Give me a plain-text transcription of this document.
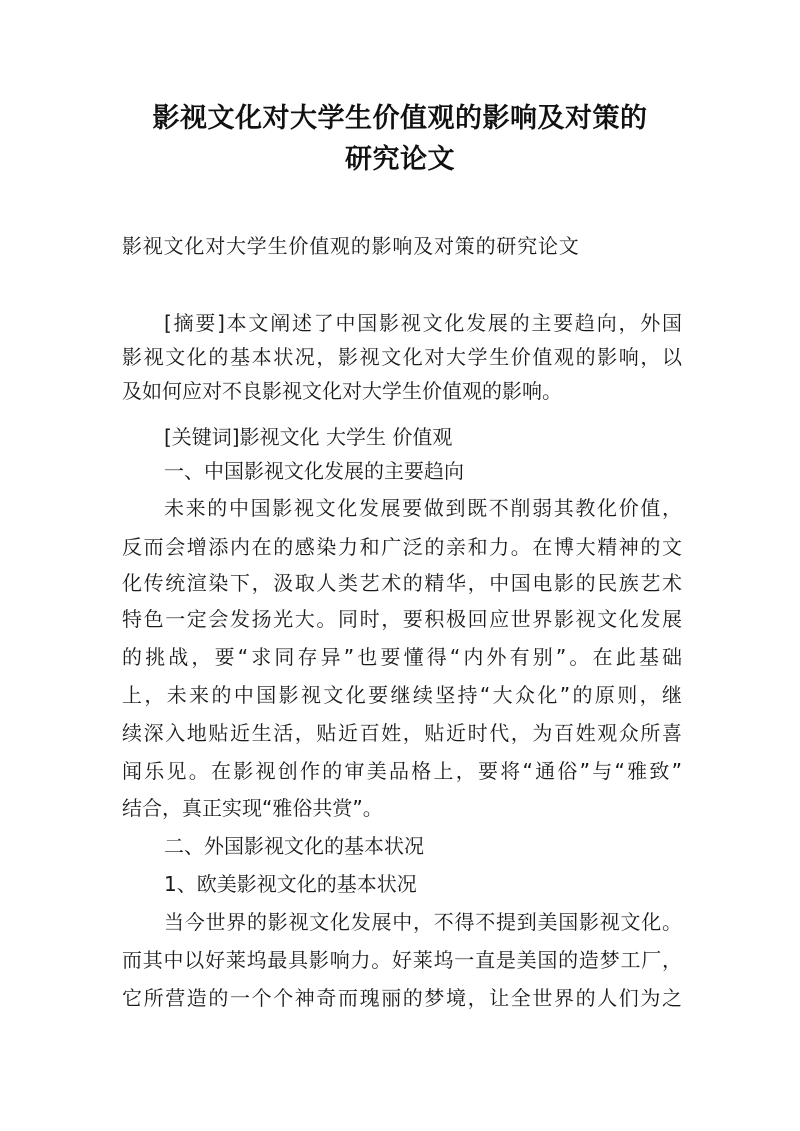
影视文化对大学生价值观的影响及对策的
研究论文
影视文化对大学生价值观的影响及对策的研究论文
[摘要]本文阐述了中国影视文化发展的主要趋向，外国
影视文化的基本状况，影视文化对大学生价值观的影响，以
及如何应对不良影视文化对大学生价值观的影响。
[关键词]影视文化 大学生 价值观
一、中国影视文化发展的主要趋向
未来的中国影视文化发展要做到既不削弱其教化价值，
反而会增添内在的感染力和广泛的亲和力。在博大精神的文
化传统渲染下，汲取人类艺术的精华，中国电影的民族艺术
特色一定会发扬光大。同时，要积极回应世界影视文化发展
的挑战，要“求同存异”也要懂得“内外有别”。在此基础
上，未来的中国影视文化要继续坚持“大众化”的原则，继
续深入地贴近生活，贴近百姓，贴近时代，为百姓观众所喜
闻乐见。在影视创作的审美品格上，要将“通俗”与“雅致”
结合，真正实现“雅俗共赏”。
二、外国影视文化的基本状况
1、欧美影视文化的基本状况
当今世界的影视文化发展中，不得不提到美国影视文化。
而其中以好莱坞最具影响力。好莱坞一直是美国的造梦工厂，
它所营造的一个个神奇而瑰丽的梦境，让全世界的人们为之
